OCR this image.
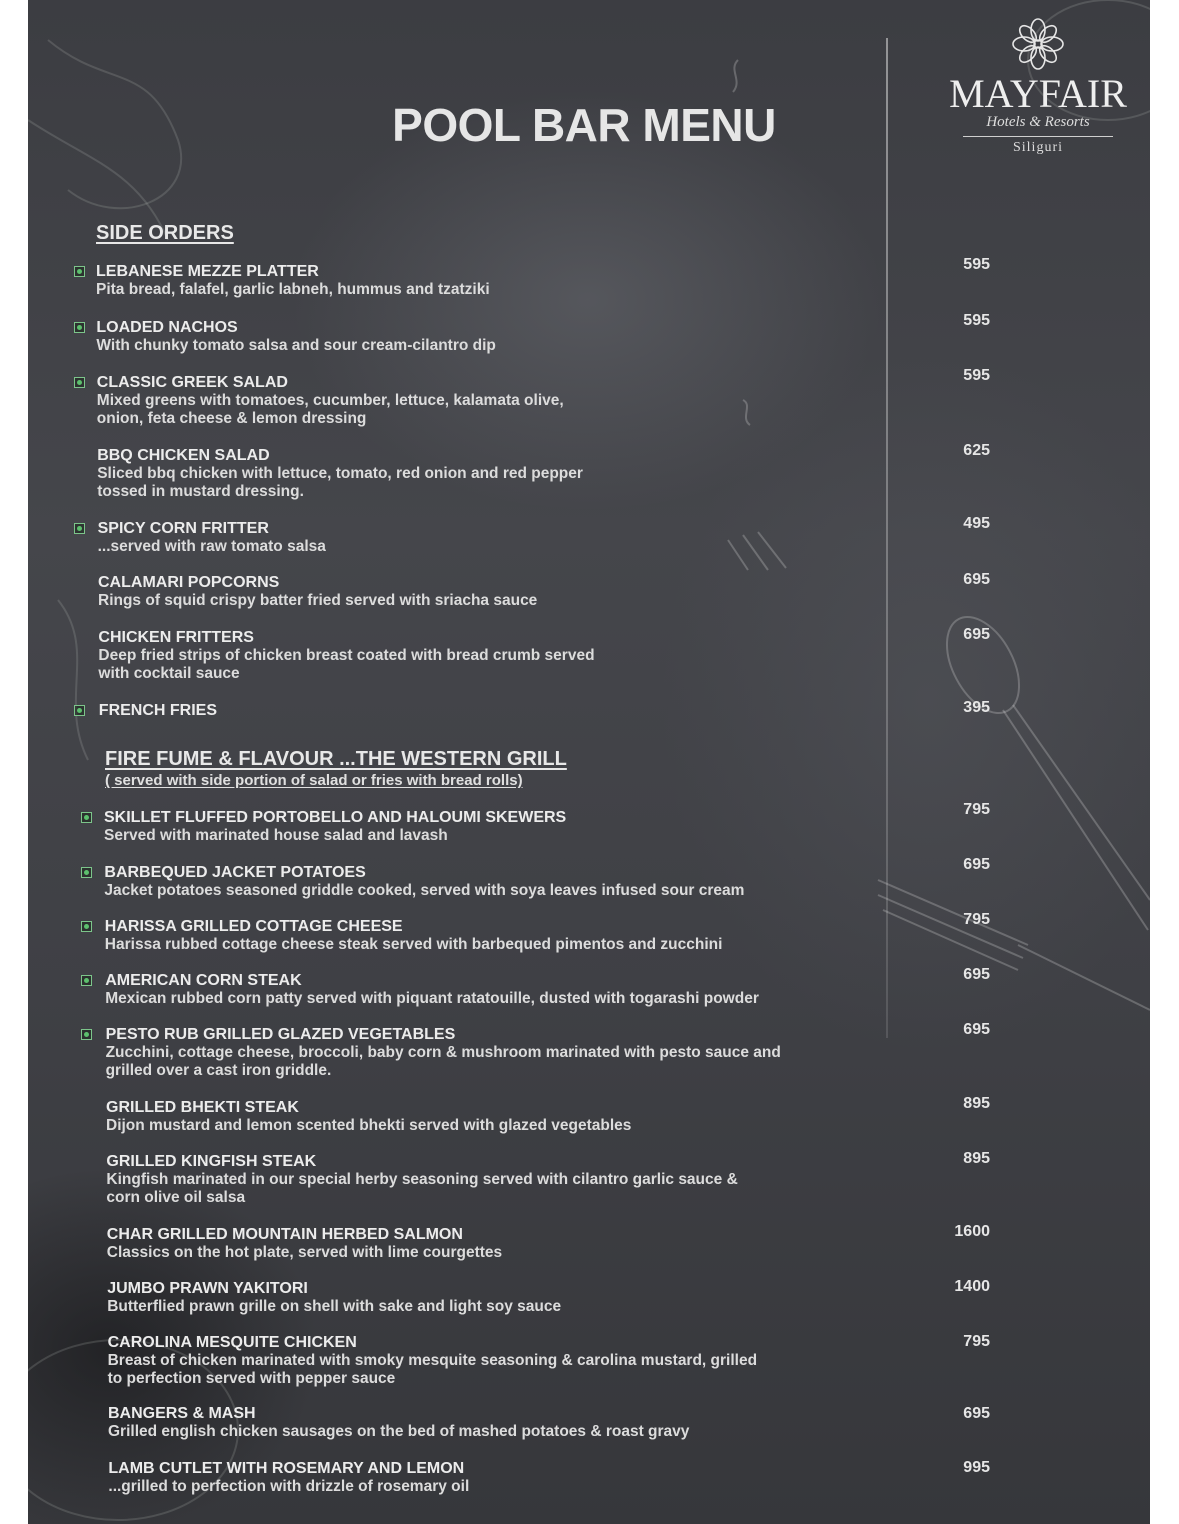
MAYFAIR
Hotels & Resorts
Siliguri
POOL BAR MENU
SIDE ORDERS
FIRE FUME & FLAVOUR ...THE WESTERN GRILL
( served with side portion of salad or fries with bread rolls)
LEBANESE MEZZE PLATTER
Pita bread, falafel, garlic labneh, hummus and tzatziki
595
LOADED NACHOS
With chunky tomato salsa and sour cream-cilantro dip
595
CLASSIC GREEK SALAD
Mixed greens with tomatoes, cucumber, lettuce, kalamata olive,
onion, feta cheese & lemon dressing
595
BBQ CHICKEN SALAD
Sliced bbq chicken with lettuce, tomato, red onion and red pepper
tossed in mustard dressing.
625
SPICY CORN FRITTER
...served with raw tomato salsa
495
CALAMARI POPCORNS
Rings of squid crispy batter fried served with sriacha sauce
695
CHICKEN FRITTERS
Deep fried strips of chicken breast coated with bread crumb served
with cocktail sauce
695
FRENCH FRIES	395
SKILLET FLUFFED PORTOBELLO AND HALOUMI SKEWERS
Served with marinated house salad and lavash
795
BARBEQUED JACKET POTATOES
Jacket potatoes seasoned griddle cooked, served with soya leaves infused sour cream
695
HARISSA GRILLED COTTAGE CHEESE
Harissa rubbed cottage cheese steak served with barbequed pimentos and zucchini
795
AMERICAN CORN STEAK
Mexican rubbed corn patty served with piquant ratatouille, dusted with togarashi powder
695
PESTO RUB GRILLED GLAZED VEGETABLES
Zucchini, cottage cheese, broccoli, baby corn & mushroom marinated with pesto sauce and
grilled over a cast iron griddle.
695
GRILLED BHEKTI STEAK
Dijon mustard and lemon scented bhekti served with glazed vegetables
895
GRILLED KINGFISH STEAK
Kingfish marinated in our special herby seasoning served with cilantro garlic sauce &
corn olive oil salsa
895
CHAR GRILLED MOUNTAIN HERBED SALMON
Classics on the hot plate, served with lime courgettes
1600
JUMBO PRAWN YAKITORI
Butterflied prawn grille on shell with sake and light soy sauce
1400
CAROLINA MESQUITE CHICKEN
Breast of chicken marinated with smoky mesquite seasoning & carolina mustard, grilled
to perfection served with pepper sauce
795
BANGERS & MASH
Grilled english chicken sausages on the bed of mashed potatoes & roast gravy
695
LAMB CUTLET WITH ROSEMARY AND LEMON
...grilled to perfection with drizzle of rosemary oil
995
